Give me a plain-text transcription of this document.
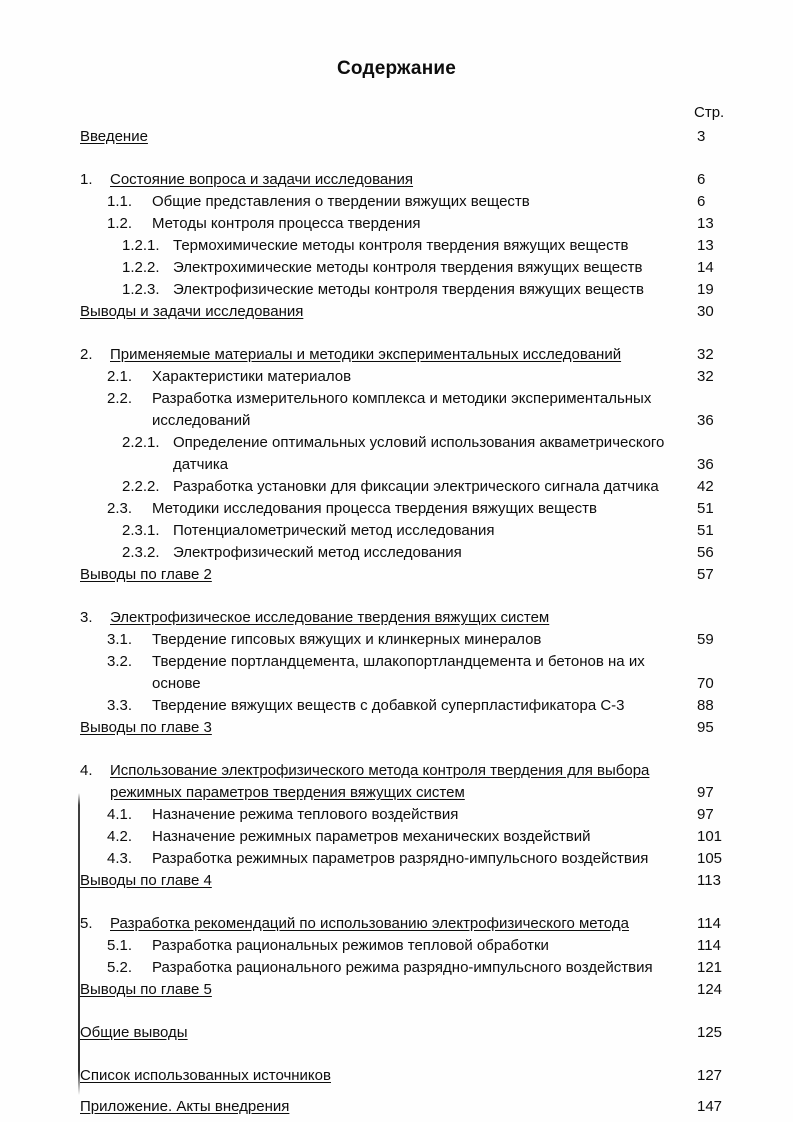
Содержание
Стр.
Введение	3
1. Состояние вопроса и задачи исследования	6
1.1. Общие представления о твердении вяжущих веществ	6
1.2. Методы контроля процесса твердения	13
1.2.1. Термохимические методы контроля твердения вяжущих веществ	13
1.2.2. Электрохимические методы контроля твердения вяжущих веществ	14
1.2.3. Электрофизические методы контроля твердения вяжущих веществ	19
Выводы и задачи исследования	30
2. Применяемые материалы и методики экспериментальных исследований	32
2.1. Характеристики материалов	32
2.2. Разработка измерительного комплекса и методики экспериментальных
исследований	36
2.2.1. Определение оптимальных условий использования акваметрического
датчика	36
2.2.2. Разработка установки для фиксации электрического сигнала датчика	42
2.3. Методики исследования процесса твердения вяжущих веществ	51
2.3.1. Потенциалометрический метод исследования	51
2.3.2. Электрофизический метод исследования	56
Выводы по главе 2	57
3. Электрофизическое исследование твердения вяжущих систем
3.1. Твердение гипсовых вяжущих и клинкерных минералов	59
3.2. Твердение портландцемента, шлакопортландцемента и бетонов на их
основе	70
3.3. Твердение вяжущих веществ с добавкой суперпластификатора С-3	88
Выводы по главе 3	95
4. Использование электрофизического метода контроля твердения для выбора
режимных параметров твердения вяжущих систем	97
4.1. Назначение режима теплового воздействия	97
4.2. Назначение режимных параметров механических воздействий	101
4.3. Разработка режимных параметров разрядно-импульсного воздействия	105
Выводы по главе 4	113
5. Разработка рекомендаций по использованию электрофизического метода	114
5.1. Разработка рациональных режимов тепловой обработки	114
5.2. Разработка рационального режима разрядно-импульсного воздействия	121
Выводы по главе 5	124
Общие выводы	125
Список использованных источников	127
Приложение. Акты внедрения	147
